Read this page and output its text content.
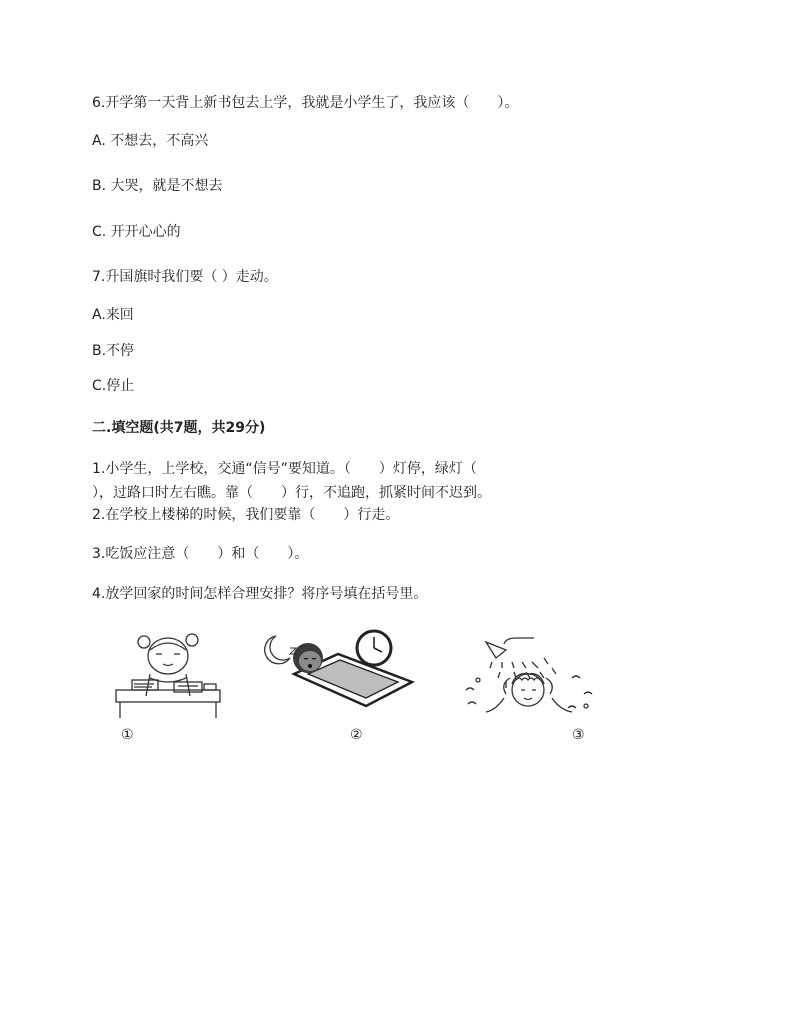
6.开学第一天背上新书包去上学，我就是小学生了，我应该（　　）。
A. 不想去，不高兴
B. 大哭，就是不想去
C. 开开心心的
7.升国旗时我们要（ ）走动。
A.来回
B.不停
C.停止
二.填空题(共7题，共29分)
1.小学生，上学校，交通“信号”要知道。（　　）灯停，绿灯（
），过路口时左右瞧。靠（　　）行，不追跑，抓紧时间不迟到。
2.在学校上楼梯的时候，我们要靠（　　）行走。
3.吃饭应注意（　　）和（　　）。
4.放学回家的时间怎样合理安排？将序号填在括号里。
①	②	③
